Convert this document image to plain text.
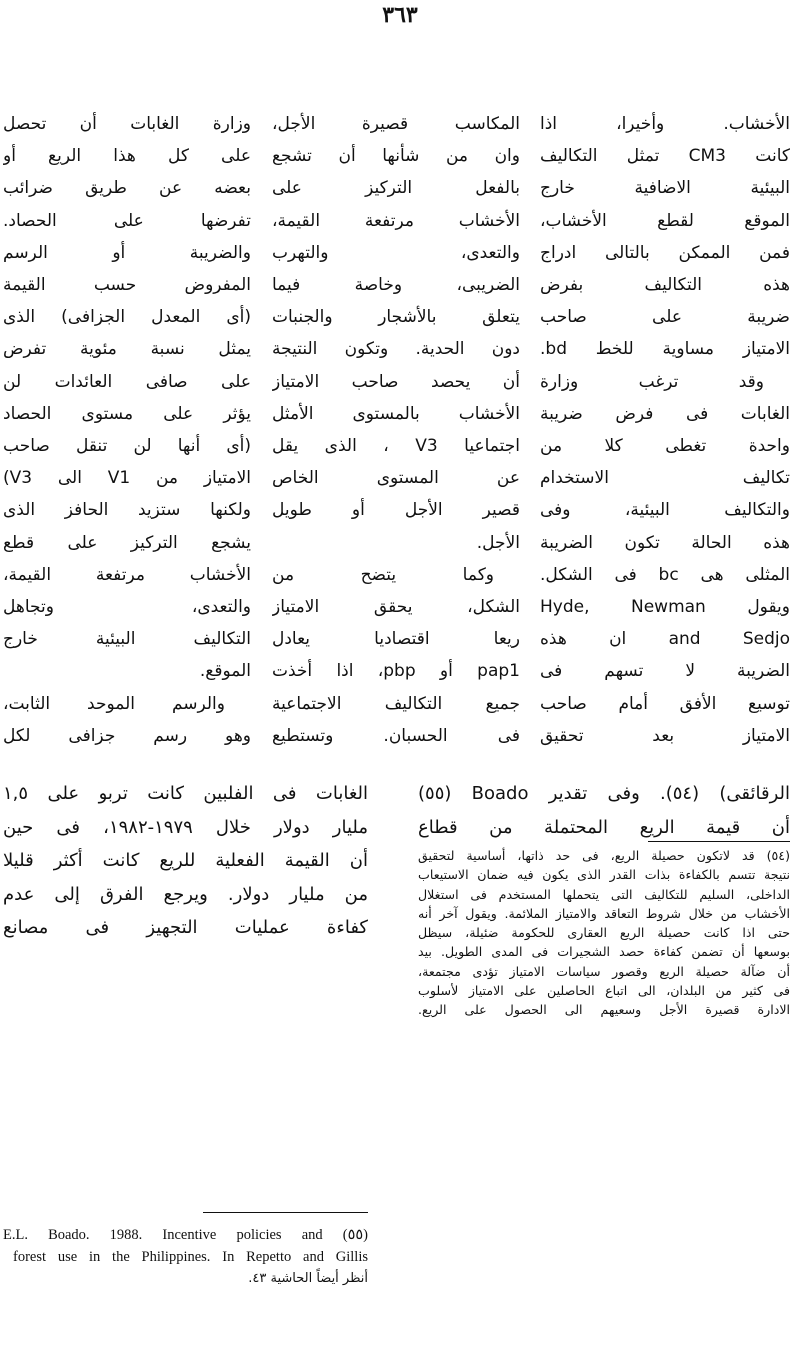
٣٦٣

الأخشاب. وأخيرا، اذا

كانت CM3 تمثل التكاليف

البيئية الاضافية خارج

الموقع لقطع الأخشاب،

فمن الممكن بالتالى ادراج

هذه التكاليف بفرض

ضريبة على صاحب

الامتياز مساوية للخط bd.

وقد ترغب وزارة

الغابات فى فرض ضريبة

واحدة تغطى كلا من

تكاليف الاستخدام

والتكاليف البيئية، وفى

هذه الحالة تكون الضريبة

المثلى هى bc فى الشكل.

ويقول Hyde, Newman

and Sedjo ان هذه

الضريبة لا تسهم فى

توسيع الأفق أمام صاحب

الامتياز بعد تحقيق

المكاسب قصيرة الأجل،

وان من شأنها أن تشجع

بالفعل التركيز على

الأخشاب مرتفعة القيمة،

والتعدى، والتهرب

الضريبى، وخاصة فيما

يتعلق بالأشجار والجنبات

دون الحدية. وتكون النتيجة

أن يحصد صاحب الامتياز

الأخشاب بالمستوى الأمثل

اجتماعيا V3 ، الذى يقل

عن المستوى الخاص

قصير الأجل أو طويل

الأجل.

وكما يتضح من

الشكل، يحقق الامتياز

ريعا اقتصاديا يعادل

pap1 أو pbp، اذا أخذت

جميع التكاليف الاجتماعية

فى الحسبان. وتستطيع

وزارة الغابات أن تحصل

على كل هذا الريع أو

بعضه عن طريق ضرائب

تفرضها على الحصاد.

والضريبة أو الرسم

المفروض حسب القيمة

(أى المعدل الجزافى) الذى

يمثل نسبة مئوية تفرض

على صافى العائدات لن

يؤثر على مستوى الحصاد

(أى أنها لن تنقل صاحب

الامتياز من V1 الى V3)

ولكنها ستزيد الحافز الذى

يشجع التركيز على قطع

الأخشاب مرتفعة القيمة،

والتعدى، وتجاهل

التكاليف البيئية خارج

الموقع.

والرسم الموحد الثابت،

وهو رسم جزافى لكل

الرقائقى) (٥٤). وفى تقدير Boado (٥٥)

أن قيمة الريع المحتملة من قطاع

الغابات فى الفلبين كانت تربو على ١,٥

مليار دولار خلال ١٩٧٩-١٩٨٢، فى حين

أن القيمة الفعلية للريع كانت أكثر قليلا

من مليار دولار. ويرجع الفرق إلى عدم

كفاءة عمليات التجهيز فى مصانع

(٥٤) قد لاتكون حصيلة الريع، فى حد ذاتها، أساسية لتحقيق

نتيجة تتسم بالكفاءة بذات القدر الذى يكون فيه ضمان الاستيعاب

الداخلى، السليم للتكاليف التى يتحملها المستخدم فى استغلال

الأخشاب من خلال شروط التعاقد والامتياز الملائمة. ويقول آخر أنه

حتى اذا كانت حصيلة الريع العقارى للحكومة ضئيلة، سيظل

بوسعها أن تضمن كفاءة حصد الشجيرات فى المدى الطويل. بيد

أن ضآلة حصيلة الريع وقصور سياسات الامتياز تؤدى مجتمعة،

فى كثير من البلدان، الى اتباع الحاصلين على الامتياز لأسلوب

الادارة قصيرة الأجل وسعيهم الى الحصول على الريع.

E.L. Boado. 1988. Incentive policies and (٥٥)

forest use in the Philippines. In Repetto and Gillis

أنظر أيضاً الحاشية ٤٣.
